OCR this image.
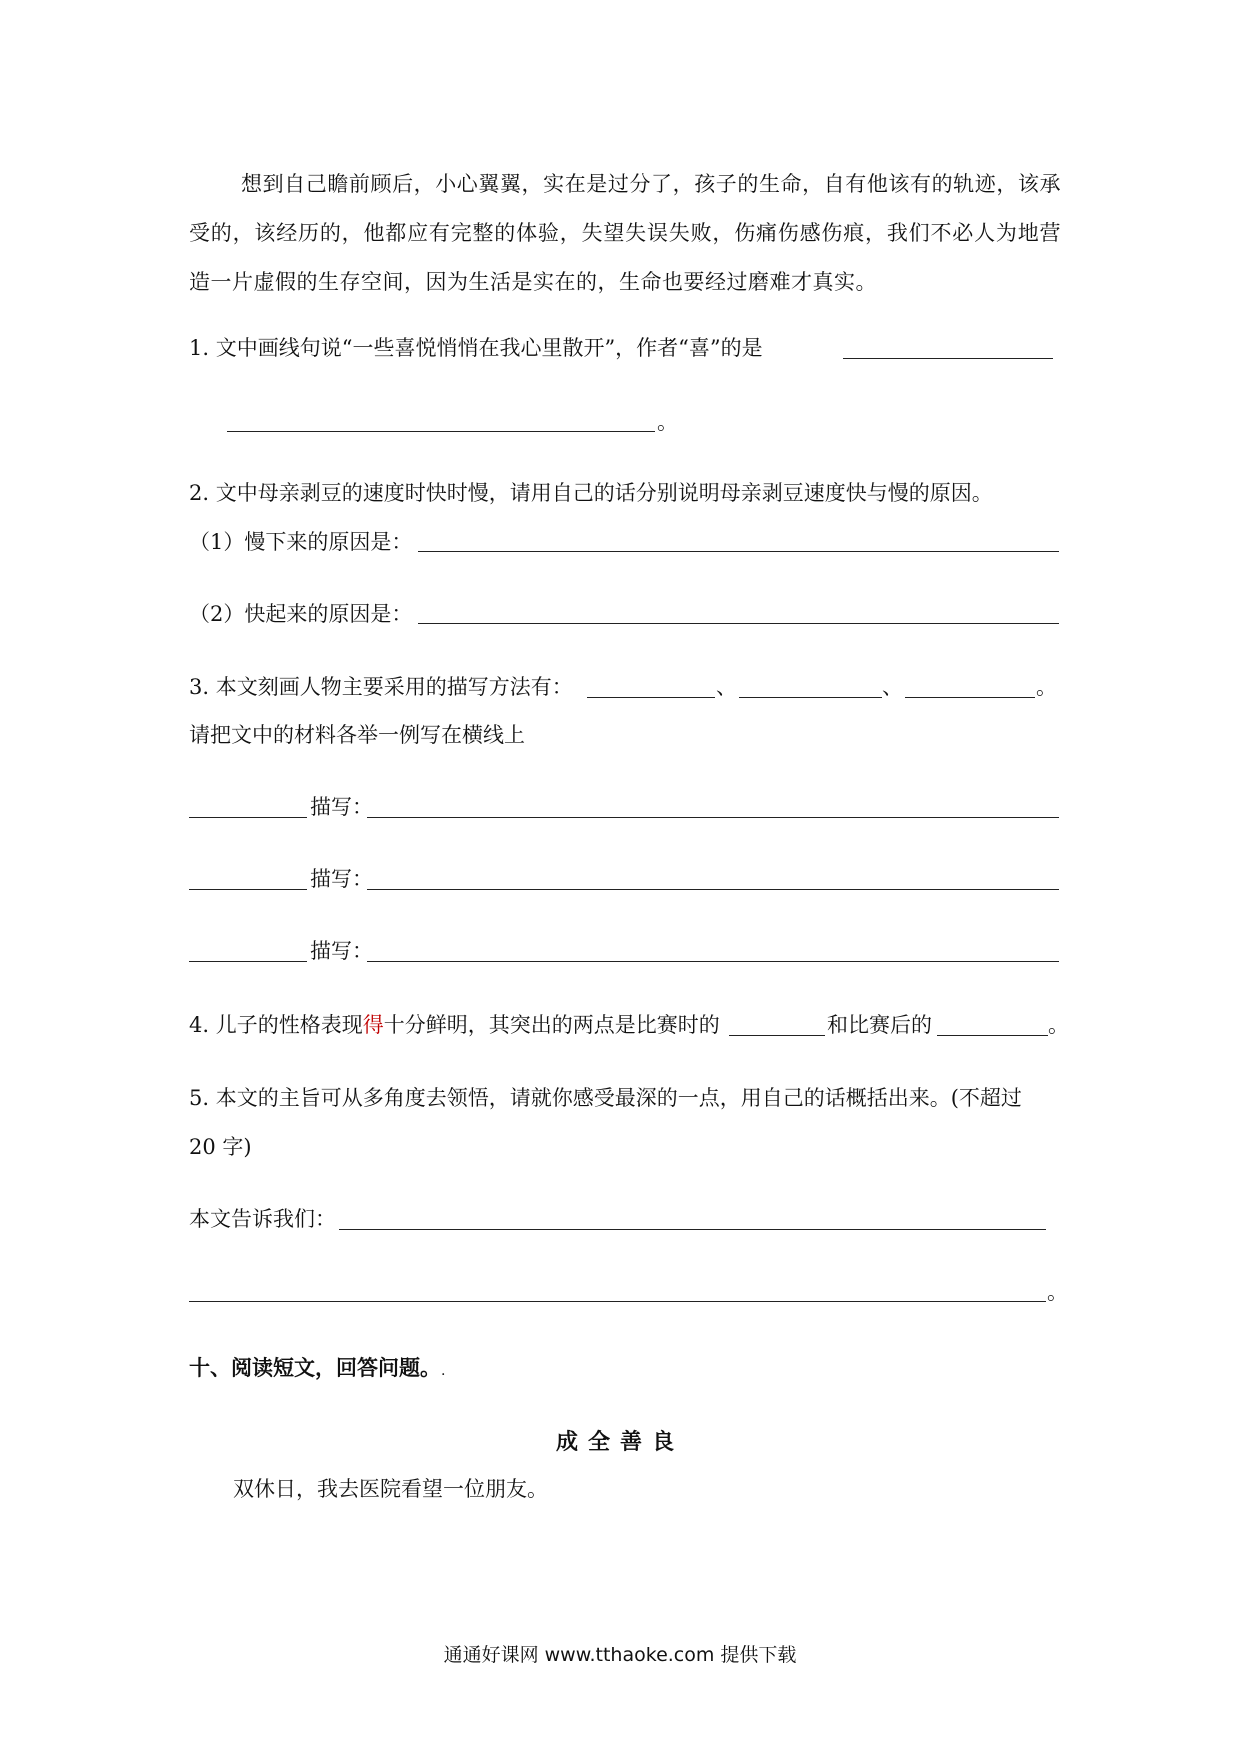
想到自己瞻前顾后，小心翼翼，实在是过分了，孩子的生命，自有他该有的轨迹，该承受的，该经历的，他都应有完整的体验，失望失误失败，伤痛伤感伤痕，我们不必人为地营造一片虚假的生存空间，因为生活是实在的，生命也要经过磨难才真实。
1. 文中画线句说“一些喜悦悄悄在我心里散开”，作者“喜”的是
。
2. 文中母亲剥豆的速度时快时慢，请用自己的话分别说明母亲剥豆速度快与慢的原因。
（1）慢下来的原因是：
（2）快起来的原因是：
3. 本文刻画人物主要采用的描写方法有：	、	、	。
请把文中的材料各举一例写在横线上
描写：
描写：
描写：
4. 儿子的性格表现得十分鲜明，其突出的两点是比赛时的	和比赛后的	。
5. 本文的主旨可从多角度去领悟，请就你感受最深的一点，用自己的话概括出来。(不超过
20 字)
本文告诉我们：
。
十、阅读短文，回答问题。.
成全善良
双休日，我去医院看望一位朋友。
通通好课网 www.tthaoke.com 提供下载
